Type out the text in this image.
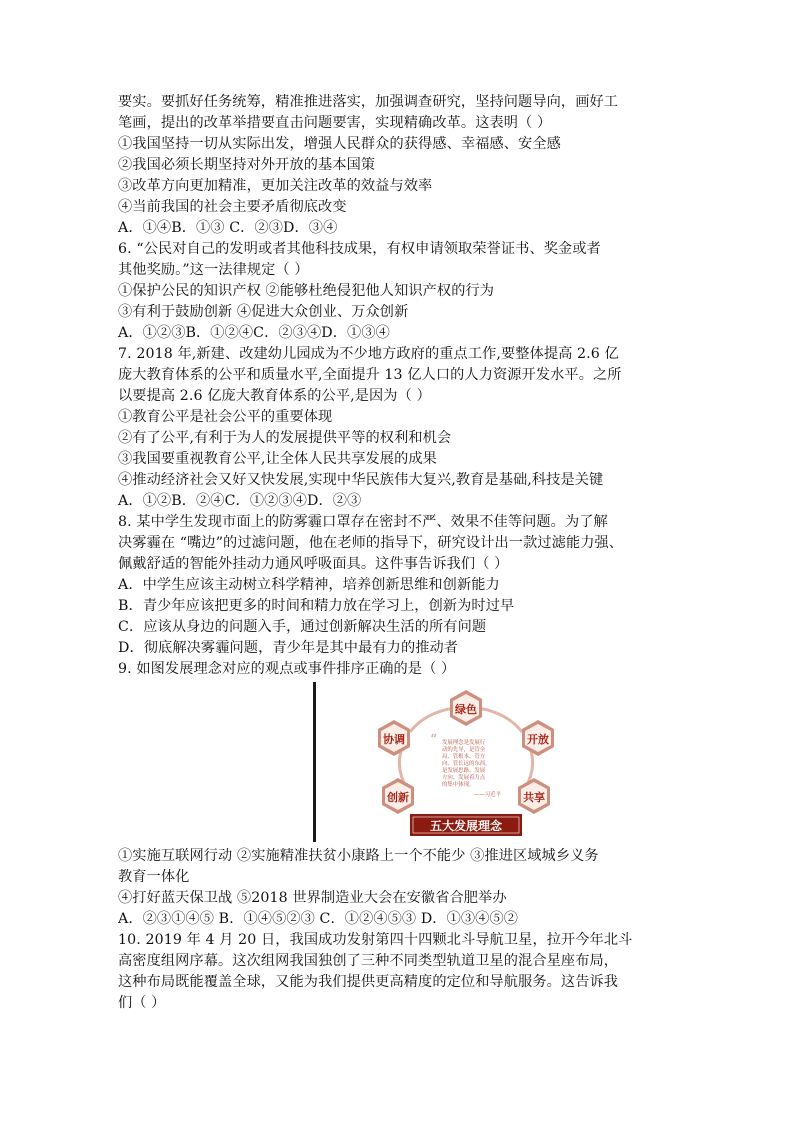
要实。要抓好任务统筹，精准推进落实，加强调查研究，坚持问题导向，画好工
笔画，提出的改革举措要直击问题要害，实现精确改革。这表明（ ）
①我国坚持一切从实际出发，增强人民群众的获得感、幸福感、安全感
②我国必须长期坚持对外开放的基本国策
③改革方向更加精准，更加关注改革的效益与效率
④当前我国的社会主要矛盾彻底改变
A．①④B．①③ C．②③D．③④
6. “公民对自己的发明或者其他科技成果，有权申请领取荣誉证书、奖金或者
其他奖励。”这一法律规定（ ）
①保护公民的知识产权 ②能够杜绝侵犯他人知识产权的行为
③有利于鼓励创新 ④促进大众创业、万众创新
A．①②③B．①②④C．②③④D．①③④
7. 2018 年,新建、改建幼儿园成为不少地方政府的重点工作,要整体提高 2.6 亿
庞大教育体系的公平和质量水平,全面提升 13 亿人口的人力资源开发水平。之所
以要提高 2.6 亿庞大教育体系的公平,是因为（ ）
①教育公平是社会公平的重要体现
②有了公平,有利于为人的发展提供平等的权利和机会
③我国要重视教育公平,让全体人民共享发展的成果
④推动经济社会又好又快发展,实现中华民族伟大复兴,教育是基础,科技是关键
A．①②B．②④C．①②③④D．②③
8. 某中学生发现市面上的防雾霾口罩存在密封不严、效果不佳等问题。为了解
决雾霾在 “嘴边”的过滤问题，他在老师的指导下，研究设计出一款过滤能力强、
佩戴舒适的智能外挂动力通风呼吸面具。这件事告诉我们（ ）
A．中学生应该主动树立科学精神，培养创新思维和创新能力
B．青少年应该把更多的时间和精力放在学习上，创新为时过早
C．应该从身边的问题入手，通过创新解决生活的所有问题
D．彻底解决雾霾问题，青少年是其中最有力的推动者
9. 如图发展理念对应的观点或事件排序正确的是（ ）
绿色
开放
共享
创新
协调 “ 发展理念是发展行
动的先导，是管全
局、管根本、管方
向、管长远的东西，
是发展思路、发展
方向、发展着力点
的集中体现。
——习近平
五大发展理念
①实施互联网行动 ②实施精准扶贫小康路上一个不能少 ③推进区域城乡义务
教育一体化
④打好蓝天保卫战 ⑤2018 世界制造业大会在安徽省合肥举办
A．②③①④⑤ B．①④⑤②③ C．①②④⑤③ D．①③④⑤②
10. 2019 年 4 月 20 日，我国成功发射第四十四颗北斗导航卫星，拉开今年北斗
高密度组网序幕。这次组网我国独创了三种不同类型轨道卫星的混合星座布局，
这种布局既能覆盖全球，又能为我们提供更高精度的定位和导航服务。这告诉我
们（ ）
